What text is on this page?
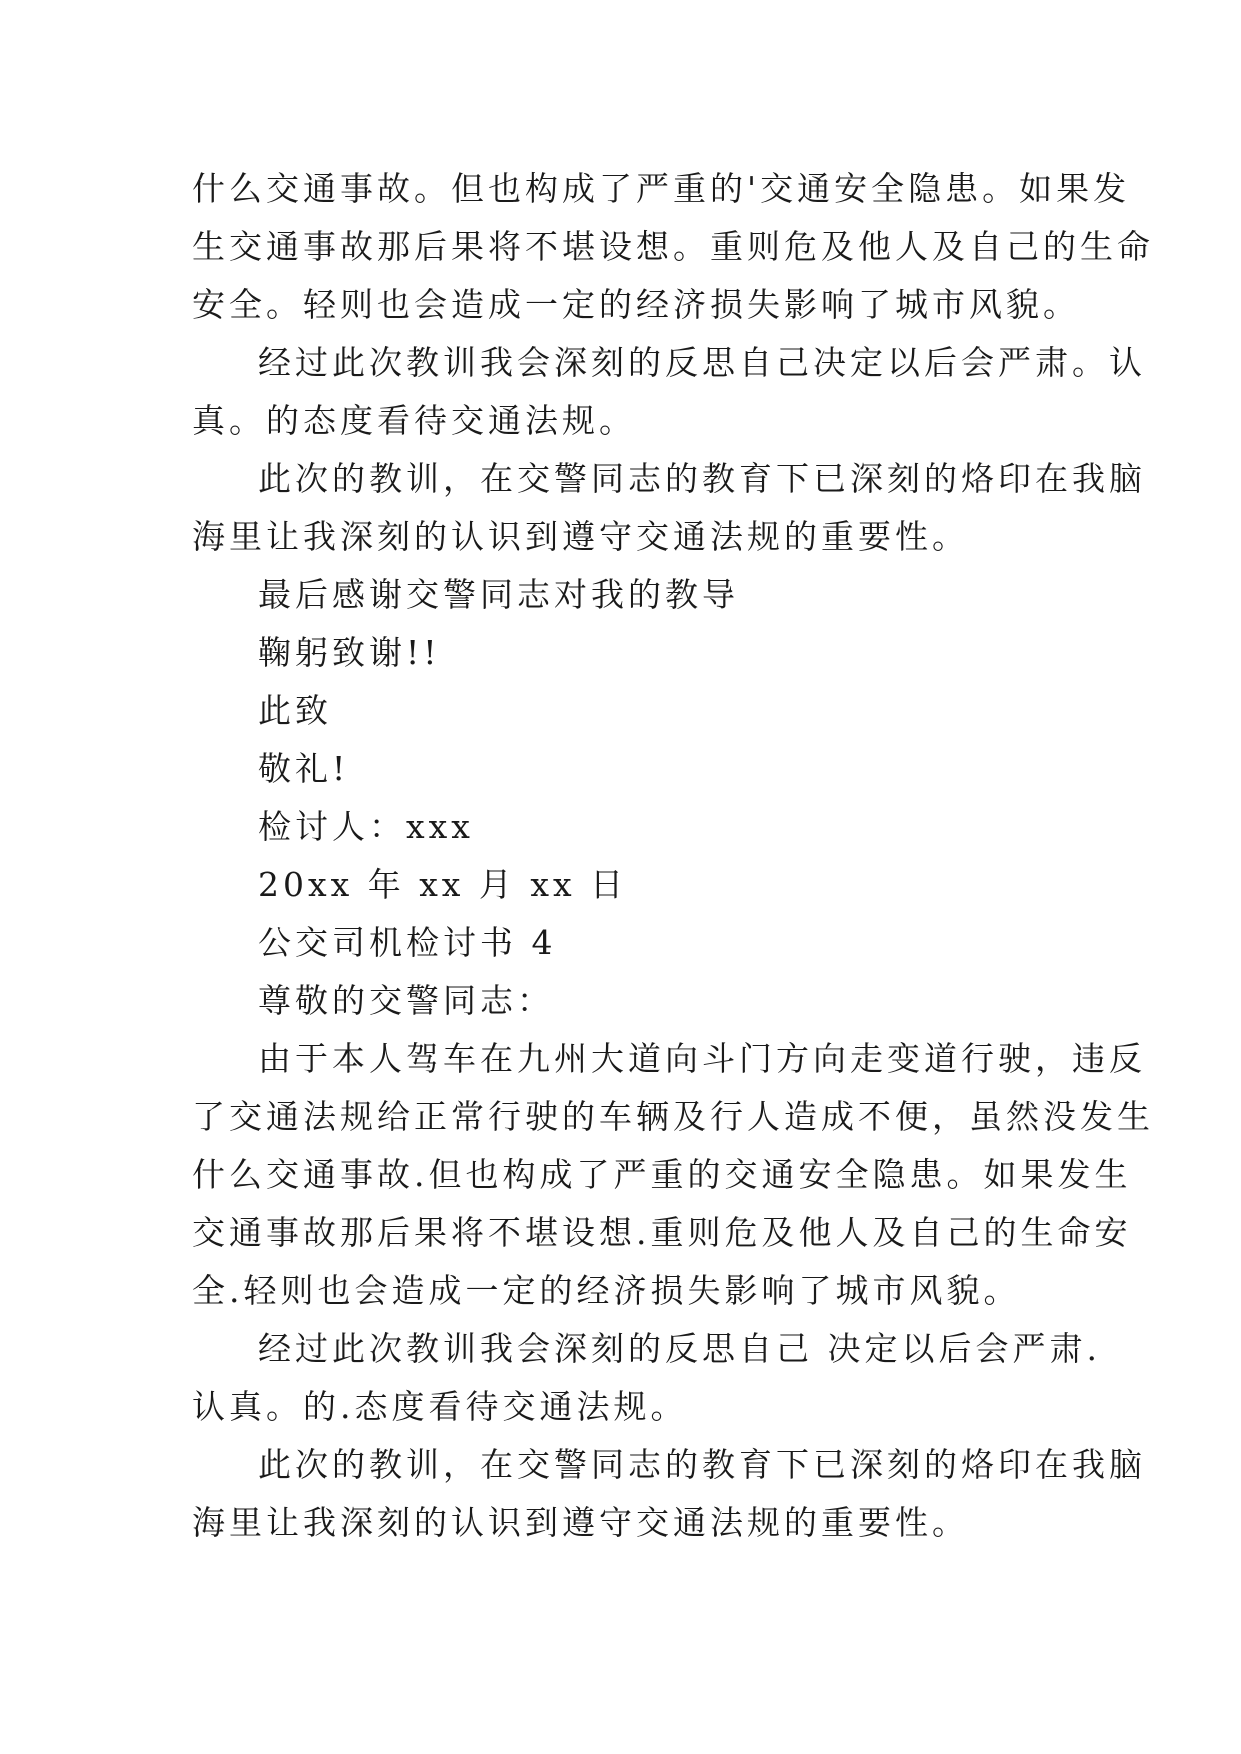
什么交通事故。但也构成了严重的'交通安全隐患。如果发
生交通事故那后果将不堪设想。重则危及他人及自己的生命
安全。轻则也会造成一定的经济损失影响了城市风貌。
经过此次教训我会深刻的反思自己决定以后会严肃。认
真。的态度看待交通法规。
此次的教训，在交警同志的教育下已深刻的烙印在我脑
海里让我深刻的认识到遵守交通法规的重要性。
最后感谢交警同志对我的教导
鞠躬致谢!!
此致
敬礼!
检讨人：xxx
20xx 年 xx 月 xx 日
公交司机检讨书 4
尊敬的交警同志：
由于本人驾车在九州大道向斗门方向走变道行驶，违反
了交通法规给正常行驶的车辆及行人造成不便，虽然没发生
什么交通事故.但也构成了严重的交通安全隐患。如果发生
交通事故那后果将不堪设想.重则危及他人及自己的生命安
全.轻则也会造成一定的经济损失影响了城市风貌。
经过此次教训我会深刻的反思自己 决定以后会严肃.
认真。的.态度看待交通法规。
此次的教训，在交警同志的教育下已深刻的烙印在我脑
海里让我深刻的认识到遵守交通法规的重要性。
